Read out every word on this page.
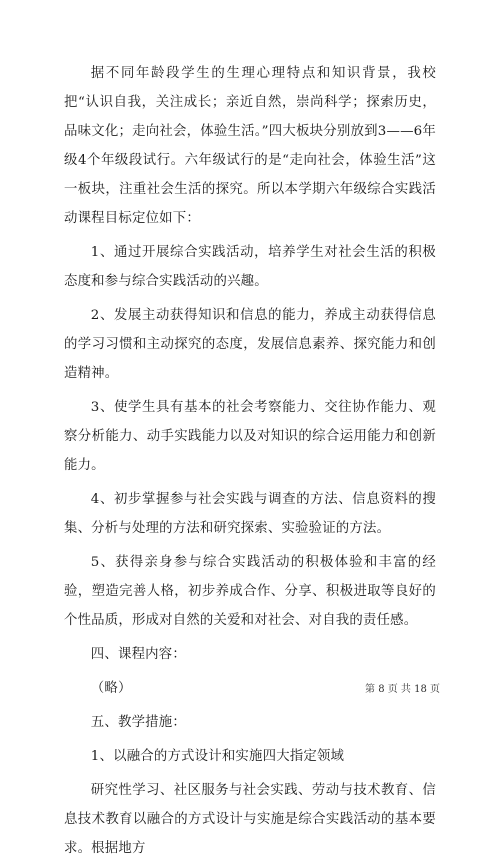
据不同年龄段学生的生理心理特点和知识背景，我校把“认识自我，关注成长；亲近自然，崇尚科学；探索历史，品味文化；走向社会，体验生活。”四大板块分别放到3——6年级4个年级段试行。六年级试行的是“走向社会，体验生活”这一板块，注重社会生活的探究。所以本学期六年级综合实践活动课程目标定位如下：

1、通过开展综合实践活动，培养学生对社会生活的积极态度和参与综合实践活动的兴趣。

2、发展主动获得知识和信息的能力，养成主动获得信息的学习习惯和主动探究的态度，发展信息素养、探究能力和创造精神。

3、使学生具有基本的社会考察能力、交往协作能力、观察分析能力、动手实践能力以及对知识的综合运用能力和创新能力。

4、初步掌握参与社会实践与调查的方法、信息资料的搜集、分析与处理的方法和研究探索、实验验证的方法。

5、获得亲身参与综合实践活动的积极体验和丰富的经验，塑造完善人格，初步养成合作、分享、积极进取等良好的个性品质，形成对自然的关爱和对社会、对自我的责任感。

四、课程内容：

（略）

五、教学措施：

1、以融合的方式设计和实施四大指定领域

研究性学习、社区服务与社会实践、劳动与技术教育、信息技术教育以融合的方式设计与实施是综合实践活动的基本要求。根据地方

第 8 页 共 18 页
